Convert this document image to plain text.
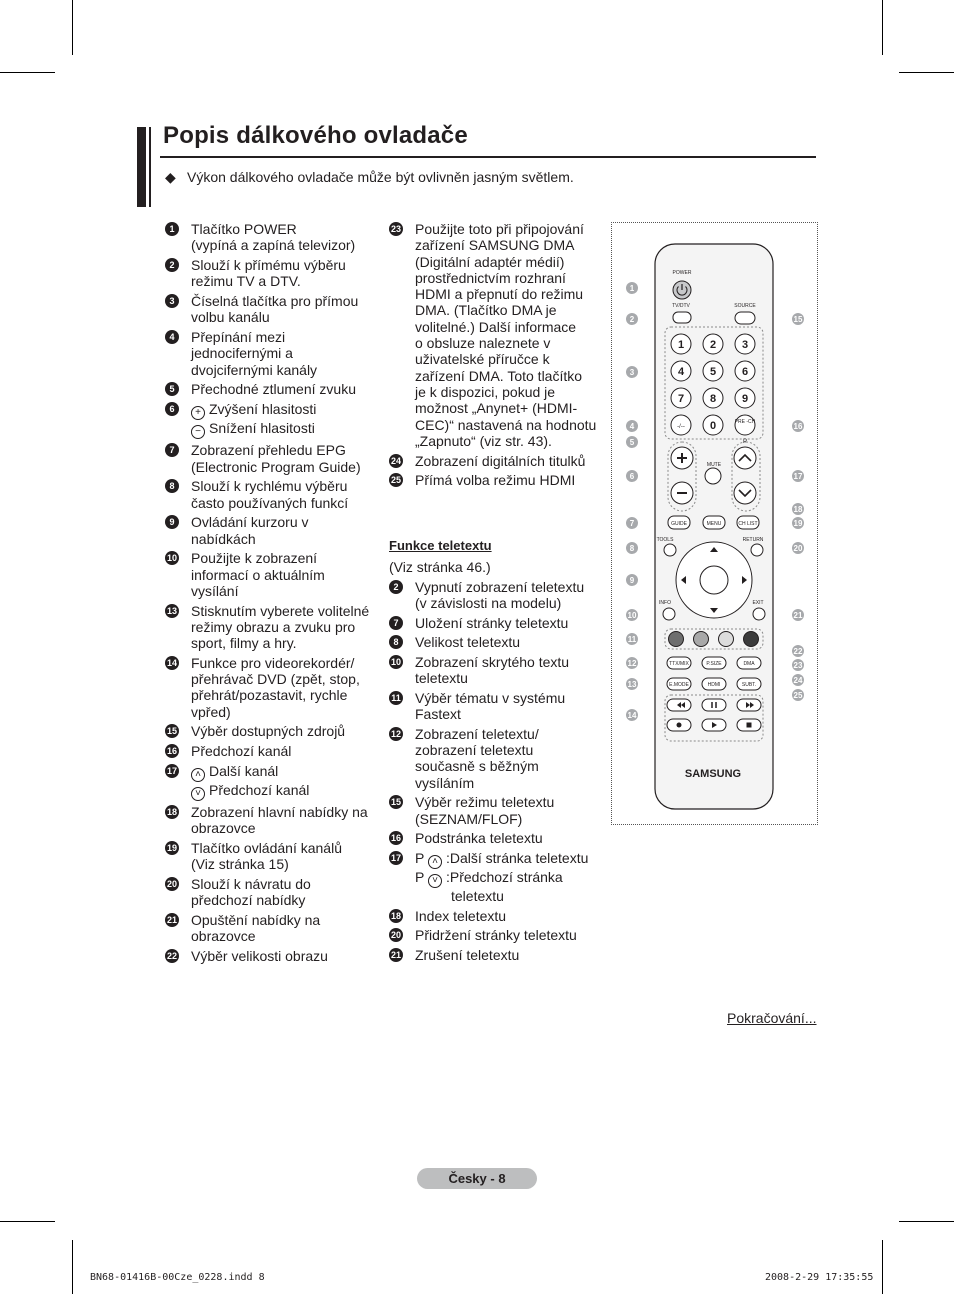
Popis dálkového ovladače
◆ Výkon dálkového ovladače může být ovlivněn jasným světlem.
1	Tlačítko POWER
(vypíná a zapíná televizor)
2	Slouží k přímému výběru
režimu TV a DTV.
3	Číselná tlačítka pro přímou
volbu kanálu
4	Přepínání mezi
jednocifernými a
dvojcifernými kanály
5	Přechodné ztlumení zvuku
6	+ Zvýšení hlasitosti
− Snížení hlasitosti
7	Zobrazení přehledu EPG
(Electronic Program Guide)
8	Slouží k rychlému výběru
často používaných funkcí
9	Ovládání kurzoru v
nabídkách
10 Použijte k zobrazení
informací o aktuálním
vysílání
13 Stisknutím vyberete volitelné
režimy obrazu a zvuku pro
sport, filmy a hry.
14 Funkce pro videorekordér/
přehrávač DVD (zpět, stop,
přehrát/pozastavit, rychle
vpřed)
15 Výběr dostupných zdrojů
16 Předchozí kanál
17	˄ Další kanál
˅ Předchozí kanál
18 Zobrazení hlavní nabídky na
obrazovce
19 Tlačítko ovládání kanálů
(Viz stránka 15)
20 Slouží k návratu do
předchozí nabídky
21 Opuštění nabídky na
obrazovce
22 Výběr velikosti obrazu
23 Použijte toto při připojování
zařízení SAMSUNG DMA
(Digitální adaptér médií)
prostřednictvím rozhraní
HDMI a přepnutí do režimu
DMA. (Tlačítko DMA je
volitelné.) Další informace
o obsluze naleznete v
uživatelské příručce k
zařízení DMA. Toto tlačítko
je k dispozici, pokud je
možnost „Anynet+ (HDMI-
CEC)“ nastavená na hodnotu
„Zapnuto“ (viz str. 43).
24 Zobrazení digitálních titulků
25 Přímá volba režimu HDMI
Funkce teletextu
(Viz stránka 46.)
2	Vypnutí zobrazení teletextu
(v závislosti na modelu)
7	Uložení stránky teletextu
8	Velikost teletextu
10 Zobrazení skrytého textu
teletextu
11 Výběr tématu v systému
Fastext
12 Zobrazení teletextu/
zobrazení teletextu
současně s běžným
vysíláním
15 Výběr režimu teletextu
(SEZNAM/FLOF)
16 Podstránka teletextu
17 P ˄ :Další stránka teletextu
P ˅ :Předchozí stránka
teletextu
18 Index teletextu
20 Přidržení stránky teletextu
21 Zrušení teletextu
POWER
TV/DTV	SOURCE
1 2 3
4 5 6
7 8 9
-/-- 0	PRE -CH
MUTE
P
GUIDE	MENU	CH LIST
TOOLS	RETURN
INFO	EXIT
TTX/MIX	P.SIZE	DMA
E.MODE	HDMI	SUBT.
SAMSUNG
1
2
3
4
5
6
7
8
9
10
11
12
13
14
15
16
17
18
19
20
21
22
23
24
25
Pokračování...
Česky - 8
BN68-01416B-00Cze_0228.indd 8	2008-2-29 17:35:55
